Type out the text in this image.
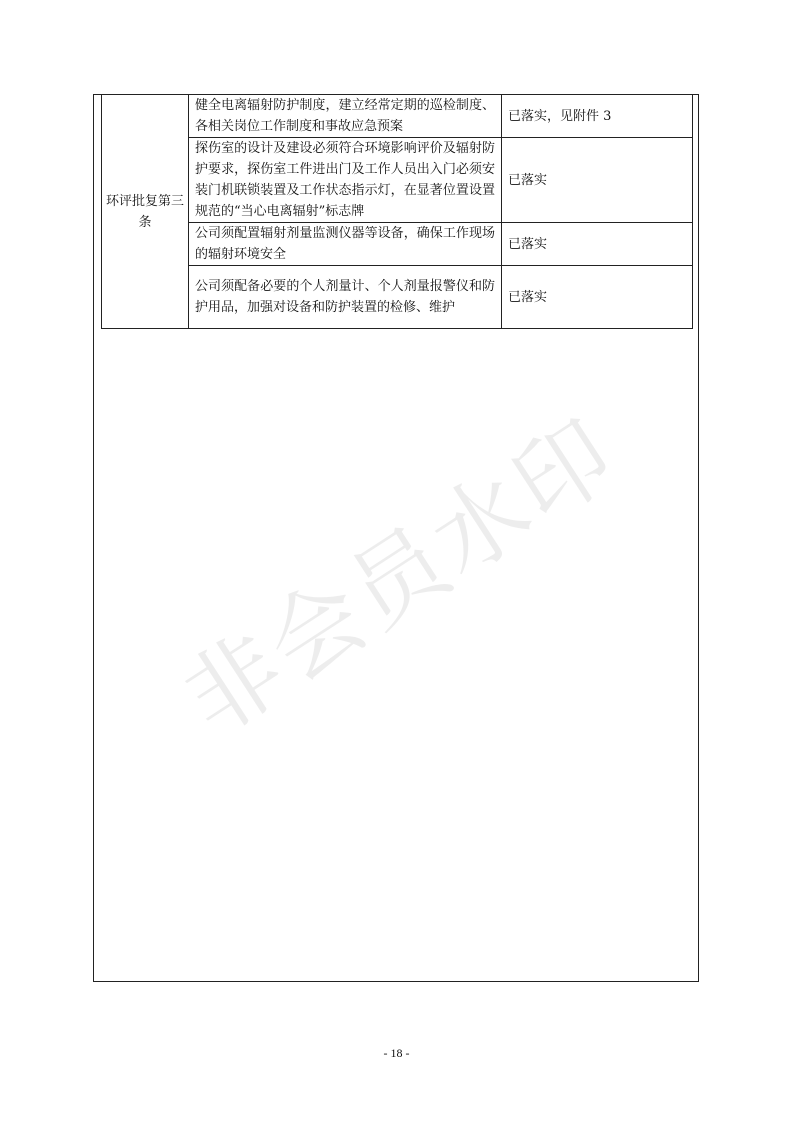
环评批复第三条	健全电离辐射防护制度，建立经常定期的巡检制度、各相关岗位工作制度和事故应急预案	已落实，见附件 3
	探伤室的设计及建设必须符合环境影响评价及辐射防护要求，探伤室工件进出门及工作人员出入门必须安装门机联锁装置及工作状态指示灯，在显著位置设置规范的“当心电离辐射”标志牌	已落实
	公司须配置辐射剂量监测仪器等设备，确保工作现场的辐射环境安全	已落实
	公司须配备必要的个人剂量计、个人剂量报警仪和防护用品，加强对设备和防护装置的检修、维护	已落实
非会员水印
- 18 -
